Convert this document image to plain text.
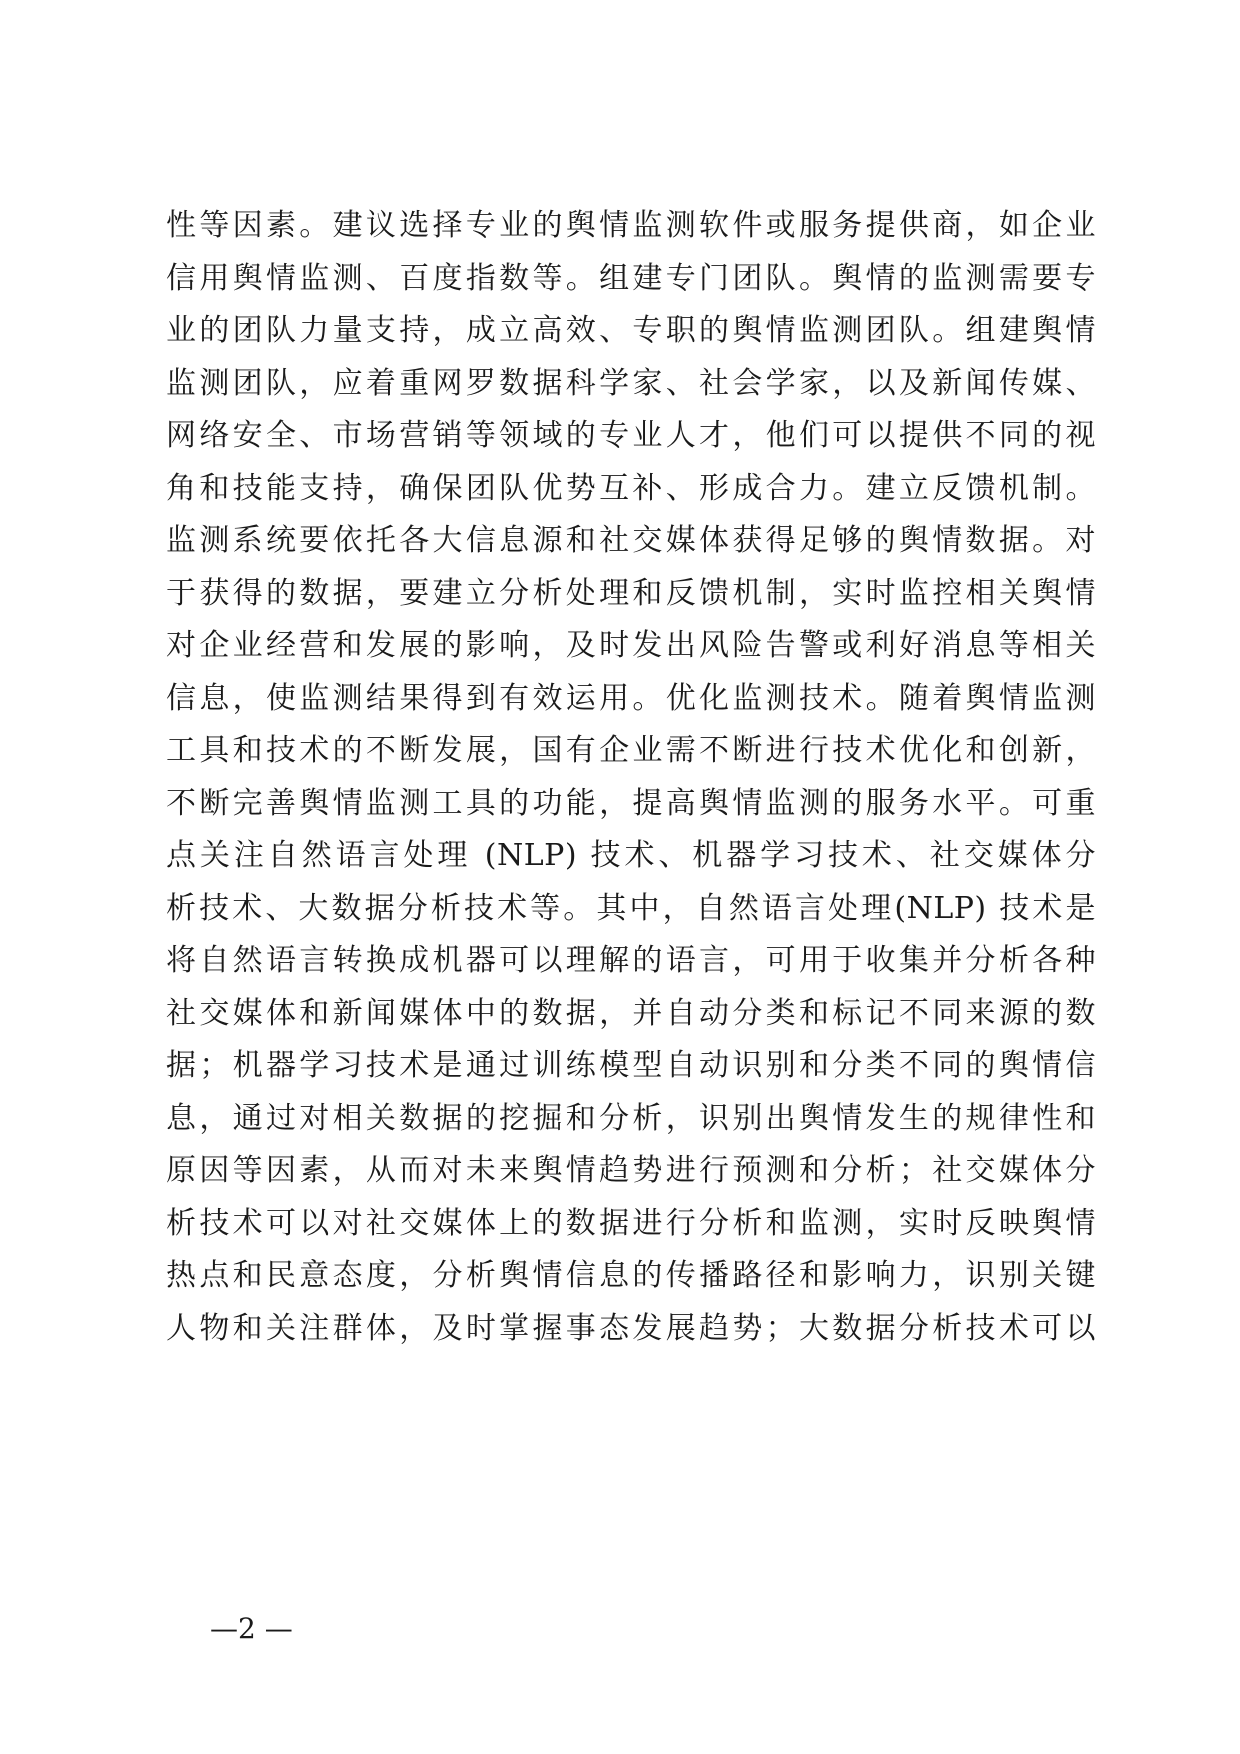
性等因素。建议选择专业的舆情监测软件或服务提供商，如企业
信用舆情监测、百度指数等。组建专门团队。舆情的监测需要专
业的团队力量支持，成立高效、专职的舆情监测团队。组建舆情
监测团队，应着重网罗数据科学家、社会学家，以及新闻传媒、
网络安全、市场营销等领域的专业人才，他们可以提供不同的视
角和技能支持，确保团队优势互补、形成合力。建立反馈机制。
监测系统要依托各大信息源和社交媒体获得足够的舆情数据。对
于获得的数据，要建立分析处理和反馈机制，实时监控相关舆情
对企业经营和发展的影响，及时发出风险告警或利好消息等相关
信息，使监测结果得到有效运用。优化监测技术。随着舆情监测
工具和技术的不断发展，国有企业需不断进行技术优化和创新，
不断完善舆情监测工具的功能，提高舆情监测的服务水平。可重
点关注自然语言处理 (NLP) 技术、机器学习技术、社交媒体分
析技术、大数据分析技术等。其中，自然语言处理(NLP) 技术是
将自然语言转换成机器可以理解的语言，可用于收集并分析各种
社交媒体和新闻媒体中的数据，并自动分类和标记不同来源的数
据；机器学习技术是通过训练模型自动识别和分类不同的舆情信
息，通过对相关数据的挖掘和分析，识别出舆情发生的规律性和
原因等因素，从而对未来舆情趋势进行预测和分析；社交媒体分
析技术可以对社交媒体上的数据进行分析和监测，实时反映舆情
热点和民意态度，分析舆情信息的传播路径和影响力，识别关键
人物和关注群体，及时掌握事态发展趋势；大数据分析技术可以
—2 —
